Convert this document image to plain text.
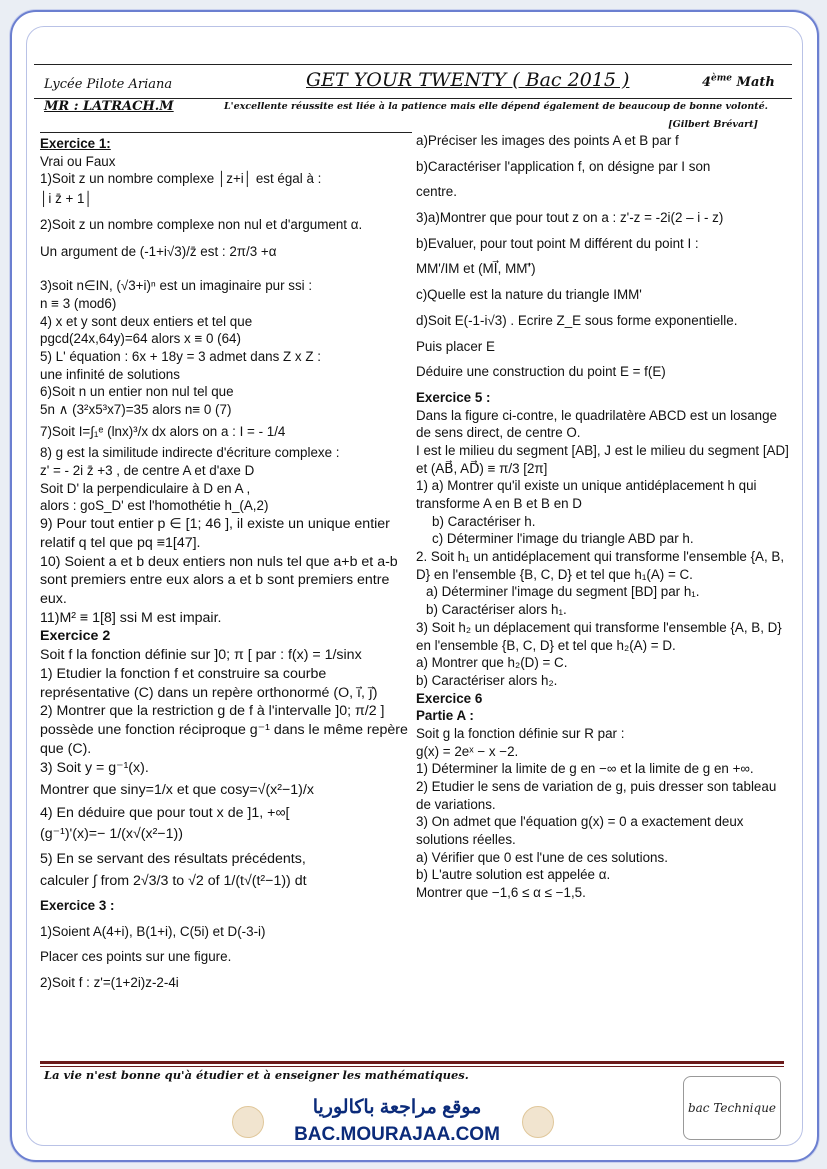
Lycée Pilote Ariana	GET YOUR TWENTY ( Bac 2015 )	4ème Math
MR : LATRACH.M	L'excellente réussite est liée à la patience mais elle dépend également de beaucoup de bonne volonté.
[Gilbert Brévart]

Exercice 1:

Vrai ou Faux

1)Soit z un nombre complexe │z+i│ est égal à :

│i z̄ + 1│

2)Soit z un nombre complexe non nul et d'argument α.

Un argument de (-1+i√3)/z̄ est : 2π/3 +α

3)soit n∈IN, (√3+i)ⁿ est un imaginaire pur ssi :

n ≡ 3 (mod6)

4) x et y sont deux entiers et tel que

pgcd(24x,64y)=64 alors x ≡ 0 (64)

5) L' équation : 6x + 18y = 3 admet dans Z x Z :

une infinité de solutions

6)Soit n un entier non nul tel que

5n ∧ (3²x5³x7)=35 alors n≡ 0 (7)

7)Soit I=∫₁ᵉ (lnx)³/x dx alors on a : I = - 1/4

8) g est la similitude indirecte d'écriture complexe :

z' = - 2i z̄ +3 , de centre A et d'axe D

Soit D' la perpendiculaire à D en A ,

alors : goS_D' est l'homothétie h_(A,2)

9) Pour tout entier p ∈ [1; 46 ], il existe un unique entier relatif q tel que pq ≡1[47].

10) Soient a et b deux entiers non nuls tel que a+b et a-b sont premiers entre eux alors a et b sont premiers entre eux.

11)M² ≡ 1[8] ssi M est impair.

Exercice 2

Soit f la fonction définie sur ]0; π [ par : f(x) = 1/sinx

1) Etudier la fonction f et construire sa courbe représentative (C) dans un repère orthonormé (O, i⃗, j⃗)

2) Montrer que la restriction g de f à l'intervalle ]0; π/2 ] possède une fonction réciproque g⁻¹ dans le même repère que (C).

3) Soit y = g⁻¹(x).

Montrer que siny=1/x et que cosy=√(x²−1)/x

4) En déduire que pour tout x de ]1, +∞[

(g⁻¹)'(x)=− 1/(x√(x²−1))

5) En se servant des résultats précédents,

calculer ∫ from 2√3/3 to √2 of 1/(t√(t²−1)) dt

Exercice 3 :

1)Soient A(4+i), B(1+i), C(5i) et D(-3-i)

Placer ces points sur une figure.

2)Soit f : z'=(1+2i)z-2-4i

a)Préciser les images des points A et B par f

b)Caractériser l'application f, on désigne par I son

centre.

3)a)Montrer que pour tout z on a : z'-z = -2i(2 – i - z)

b)Evaluer, pour tout point M différent du point I :

MM'/IM et (MI⃗, MM'⃗)

c)Quelle est la nature du triangle IMM'

d)Soit E(-1-i√3) . Ecrire Z_E sous forme exponentielle.

Puis placer E

Déduire une construction du point E = f(E)

Exercice 5 :

Dans la figure ci-contre, le quadrilatère ABCD est un losange

de sens direct, de centre O.

I est le milieu du segment [AB], J est le milieu du segment [AD] et (AB⃗, AD⃗) ≡ π/3 [2π]

1) a) Montrer qu'il existe un unique antidéplacement h qui transforme A en B et B en D

b) Caractériser h.

c) Déterminer l'image du triangle ABD par h.

2. Soit h₁ un antidéplacement qui transforme l'ensemble {A, B, D} en l'ensemble {B, C, D} et tel que h₁(A) = C.

a) Déterminer l'image du segment [BD] par h₁.

b) Caractériser alors h₁.

3) Soit h₂ un déplacement qui transforme l'ensemble {A, B, D} en l'ensemble {B, C, D} et tel que h₂(A) = D.

a) Montrer que h₂(D) = C.

b) Caractériser alors h₂.

Exercice 6

Partie A :

Soit g la fonction définie sur R par :

g(x) = 2eˣ − x −2.

1) Déterminer la limite de g en −∞ et la limite de g en +∞.

2) Etudier le sens de variation de g, puis dresser son tableau de variations.

3) On admet que l'équation g(x) = 0 a exactement deux solutions réelles.

a) Vérifier que 0 est l'une de ces solutions.

b) L'autre solution est appelée α.

Montrer que −1,6 ≤ α ≤ −1,5.

La vie n'est bonne qu'à étudier et à enseigner les mathématiques.
موقع مراجعة باكالوريا
BAC.MOURAJAA.COM
bac Technique
